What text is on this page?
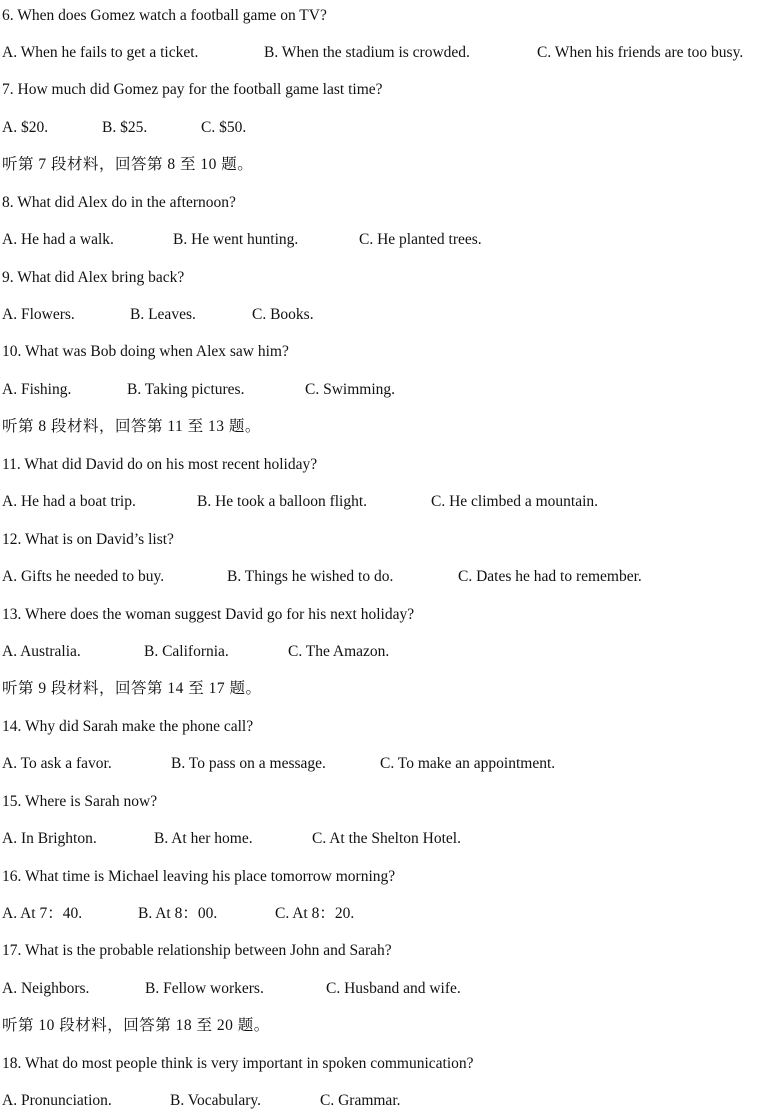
6. When does Gomez watch a football game on TV?
A. When he fails to get a ticket.	B. When the stadium is crowded.	C. When his friends are too busy.
7. How much did Gomez pay for the football game last time?
A. $20.	B. $25.	C. $50.
听第 7 段材料，回答第 8 至 10 题。
8. What did Alex do in the afternoon?
A. He had a walk.	B. He went hunting.	C. He planted trees.
9. What did Alex bring back?
A. Flowers.	B. Leaves.	C. Books.
10. What was Bob doing when Alex saw him?
A. Fishing.	B. Taking pictures.	C. Swimming.
听第 8 段材料，回答第 11 至 13 题。
11. What did David do on his most recent holiday?
A. He had a boat trip.	B. He took a balloon flight.	C. He climbed a mountain.
12. What is on David’s list?
A. Gifts he needed to buy.	B. Things he wished to do.	C. Dates he had to remember.
13. Where does the woman suggest David go for his next holiday?
A. Australia.	B. California.	C. The Amazon.
听第 9 段材料，回答第 14 至 17 题。
14. Why did Sarah make the phone call?
A. To ask a favor.	B. To pass on a message.	C. To make an appointment.
15. Where is Sarah now?
A. In Brighton.	B. At her home.	C. At the Shelton Hotel.
16. What time is Michael leaving his place tomorrow morning?
A. At 7：40.	B. At 8：00.	C. At 8：20.
17. What is the probable relationship between John and Sarah?
A. Neighbors.	B. Fellow workers.	C. Husband and wife.
听第 10 段材料，回答第 18 至 20 题。
18. What do most people think is very important in spoken communication?
A. Pronunciation.	B. Vocabulary.	C. Grammar.
